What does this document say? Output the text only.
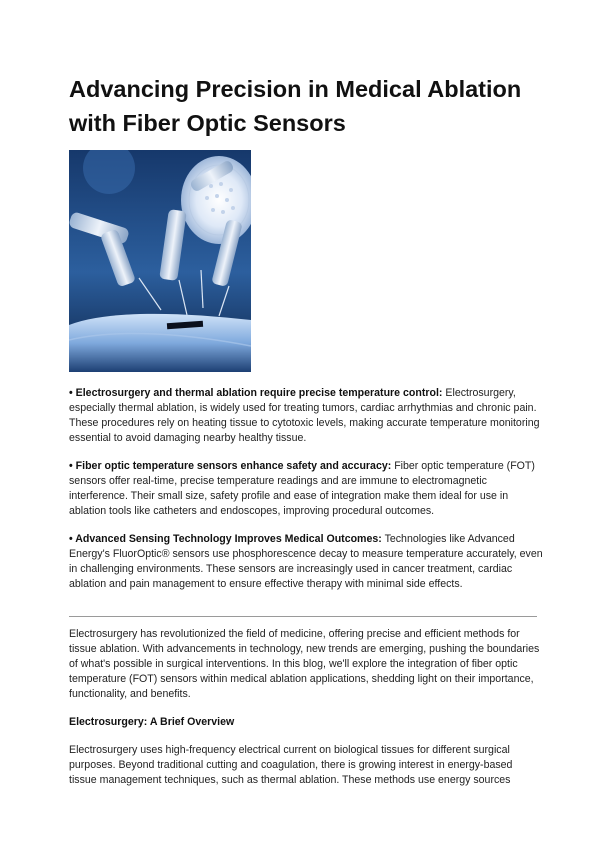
Advancing Precision in Medical Ablation with Fiber Optic Sensors

• Electrosurgery and thermal ablation require precise temperature control: Electrosurgery, especially thermal ablation, is widely used for treating tumors, cardiac arrhythmias and chronic pain. These procedures rely on heating tissue to cytotoxic levels, making accurate temperature monitoring essential to avoid damaging nearby healthy tissue.

• Fiber optic temperature sensors enhance safety and accuracy: Fiber optic temperature (FOT) sensors offer real-time, precise temperature readings and are immune to electromagnetic interference. Their small size, safety profile and ease of integration make them ideal for use in ablation tools like catheters and endoscopes, improving procedural outcomes.

• Advanced Sensing Technology Improves Medical Outcomes: Technologies like Advanced Energy's FluorOptic® sensors use phosphorescence decay to measure temperature accurately, even in challenging environments. These sensors are increasingly used in cancer treatment, cardiac ablation and pain management to ensure effective therapy with minimal side effects.

Electrosurgery has revolutionized the field of medicine, offering precise and efficient methods for tissue ablation. With advancements in technology, new trends are emerging, pushing the boundaries of what's possible in surgical interventions. In this blog, we'll explore the integration of fiber optic temperature (FOT) sensors within medical ablation applications, shedding light on their importance, functionality, and benefits.

Electrosurgery: A Brief Overview

Electrosurgery uses high-frequency electrical current on biological tissues for different surgical purposes. Beyond traditional cutting and coagulation, there is growing interest in energy-based tissue management techniques, such as thermal ablation. These methods use energy sources
